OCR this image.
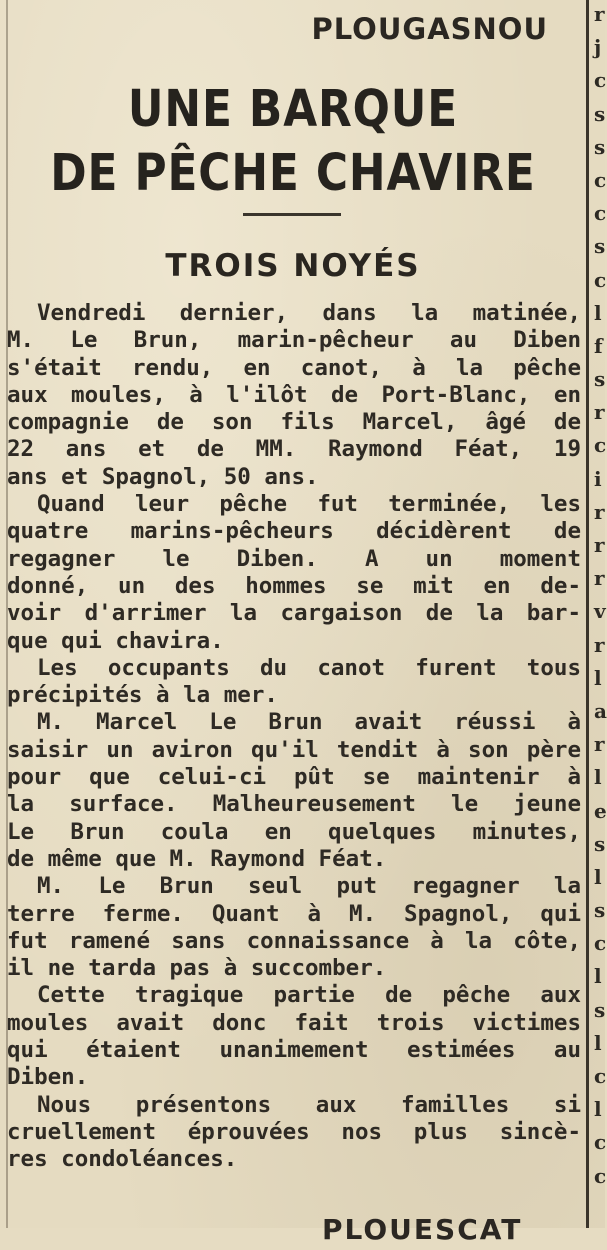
PLOUGASNOU
UNE BARQUE
DE PÊCHE CHAVIRE
TROIS NOYÉS
Vendredi dernier, dans la matinée,
M. Le Brun, marin-pêcheur au Diben
s'était rendu, en canot, à la pêche
aux moules, à l'ilôt de Port-Blanc, en
compagnie de son fils Marcel, âgé de
22 ans et de MM. Raymond Féat, 19
ans et Spagnol, 50 ans.
Quand leur pêche fut terminée, les
quatre marins-pêcheurs décidèrent de
regagner le Diben. A un moment
donné, un des hommes se mit en de-
voir d'arrimer la cargaison de la bar-
que qui chavira.
Les occupants du canot furent tous
précipités à la mer.
M. Marcel Le Brun avait réussi à
saisir un aviron qu'il tendit à son père
pour que celui-ci pût se maintenir à
la surface. Malheureusement le jeune
Le Brun coula en quelques minutes,
de même que M. Raymond Féat.
M. Le Brun seul put regagner la
terre ferme. Quant à M. Spagnol, qui
fut ramené sans connaissance à la côte,
il ne tarda pas à succomber.
Cette tragique partie de pêche aux
moules avait donc fait trois victimes
qui étaient unanimement estimées au
Diben.
Nous présentons aux familles si
cruellement éprouvées nos plus sincè-
res condoléances.
PLOUESCAT
r
j
c
s
s
c
c
s
c
l
f
s
r
c
i
r
r
r
v
r
l
a
r
l
e
s
l
s
c
l
s
l
c
l
c
c
